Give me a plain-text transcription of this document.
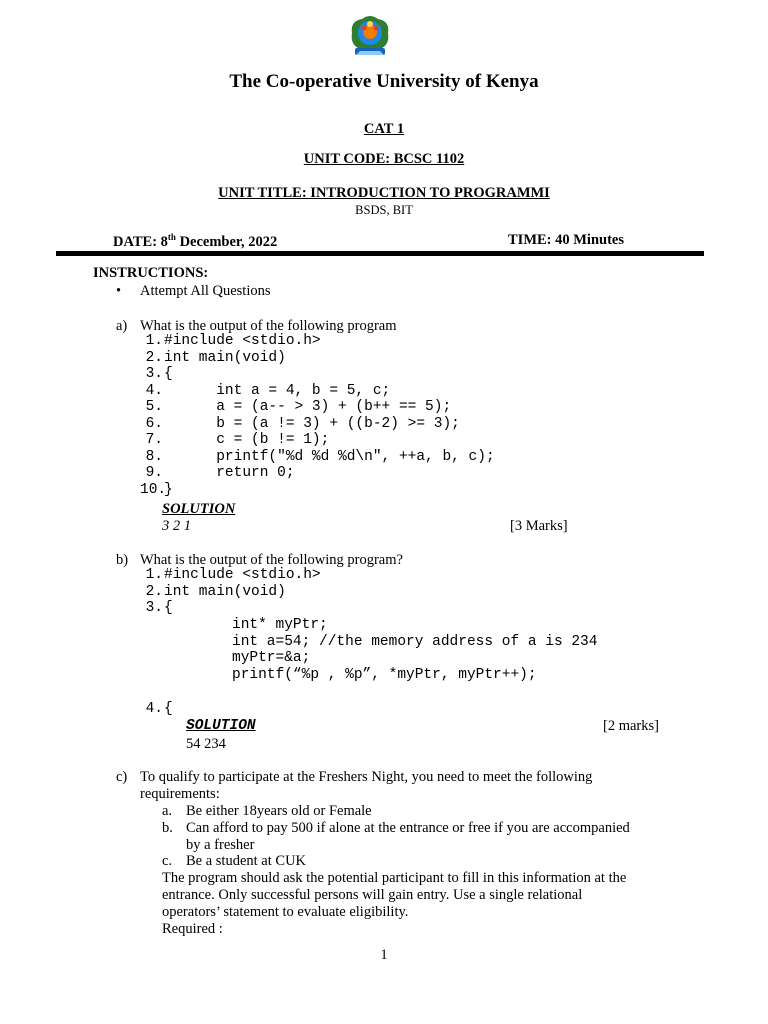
The Co-operative University of Kenya
CAT 1
UNIT CODE: BCSC 1102
UNIT TITLE: INTRODUCTION TO PROGRAMMI
BSDS, BIT
DATE: 8th December, 2022	TIME: 40 Minutes
INSTRUCTIONS:
• Attempt All Questions
a) What is the output of the following program
1.#include <stdio.h>
2.int main(void)
3.{
4.      int a = 4, b = 5, c;
5.      a = (a-- > 3) + (b++ == 5);
6.      b = (a != 3) + ((b-2) >= 3);
7.      c = (b != 1);
8.      printf("%d %d %d\n", ++a, b, c);
9.      return 0;
10.}
SOLUTION
3 2 1	[3 Marks]
b) What is the output of the following program?
1.#include <stdio.h>
2.int main(void)
3.{
int* myPtr;
int a=54; //the memory address of a is 234
myPtr=&a;
printf(“%p , %p”, *myPtr, myPtr++);
4.{
SOLUTION	[2 marks]
54 234
c) To qualify to participate at the Freshers Night, you need to meet the following
requirements:
a. Be either 18years old or Female
b. Can afford to pay 500 if alone at the entrance or free if you are accompanied
by a fresher
c. Be a student at CUK
The program should ask the potential participant to fill in this information at the
entrance. Only successful persons will gain entry. Use a single relational
operators’ statement to evaluate eligibility.
Required :
1
